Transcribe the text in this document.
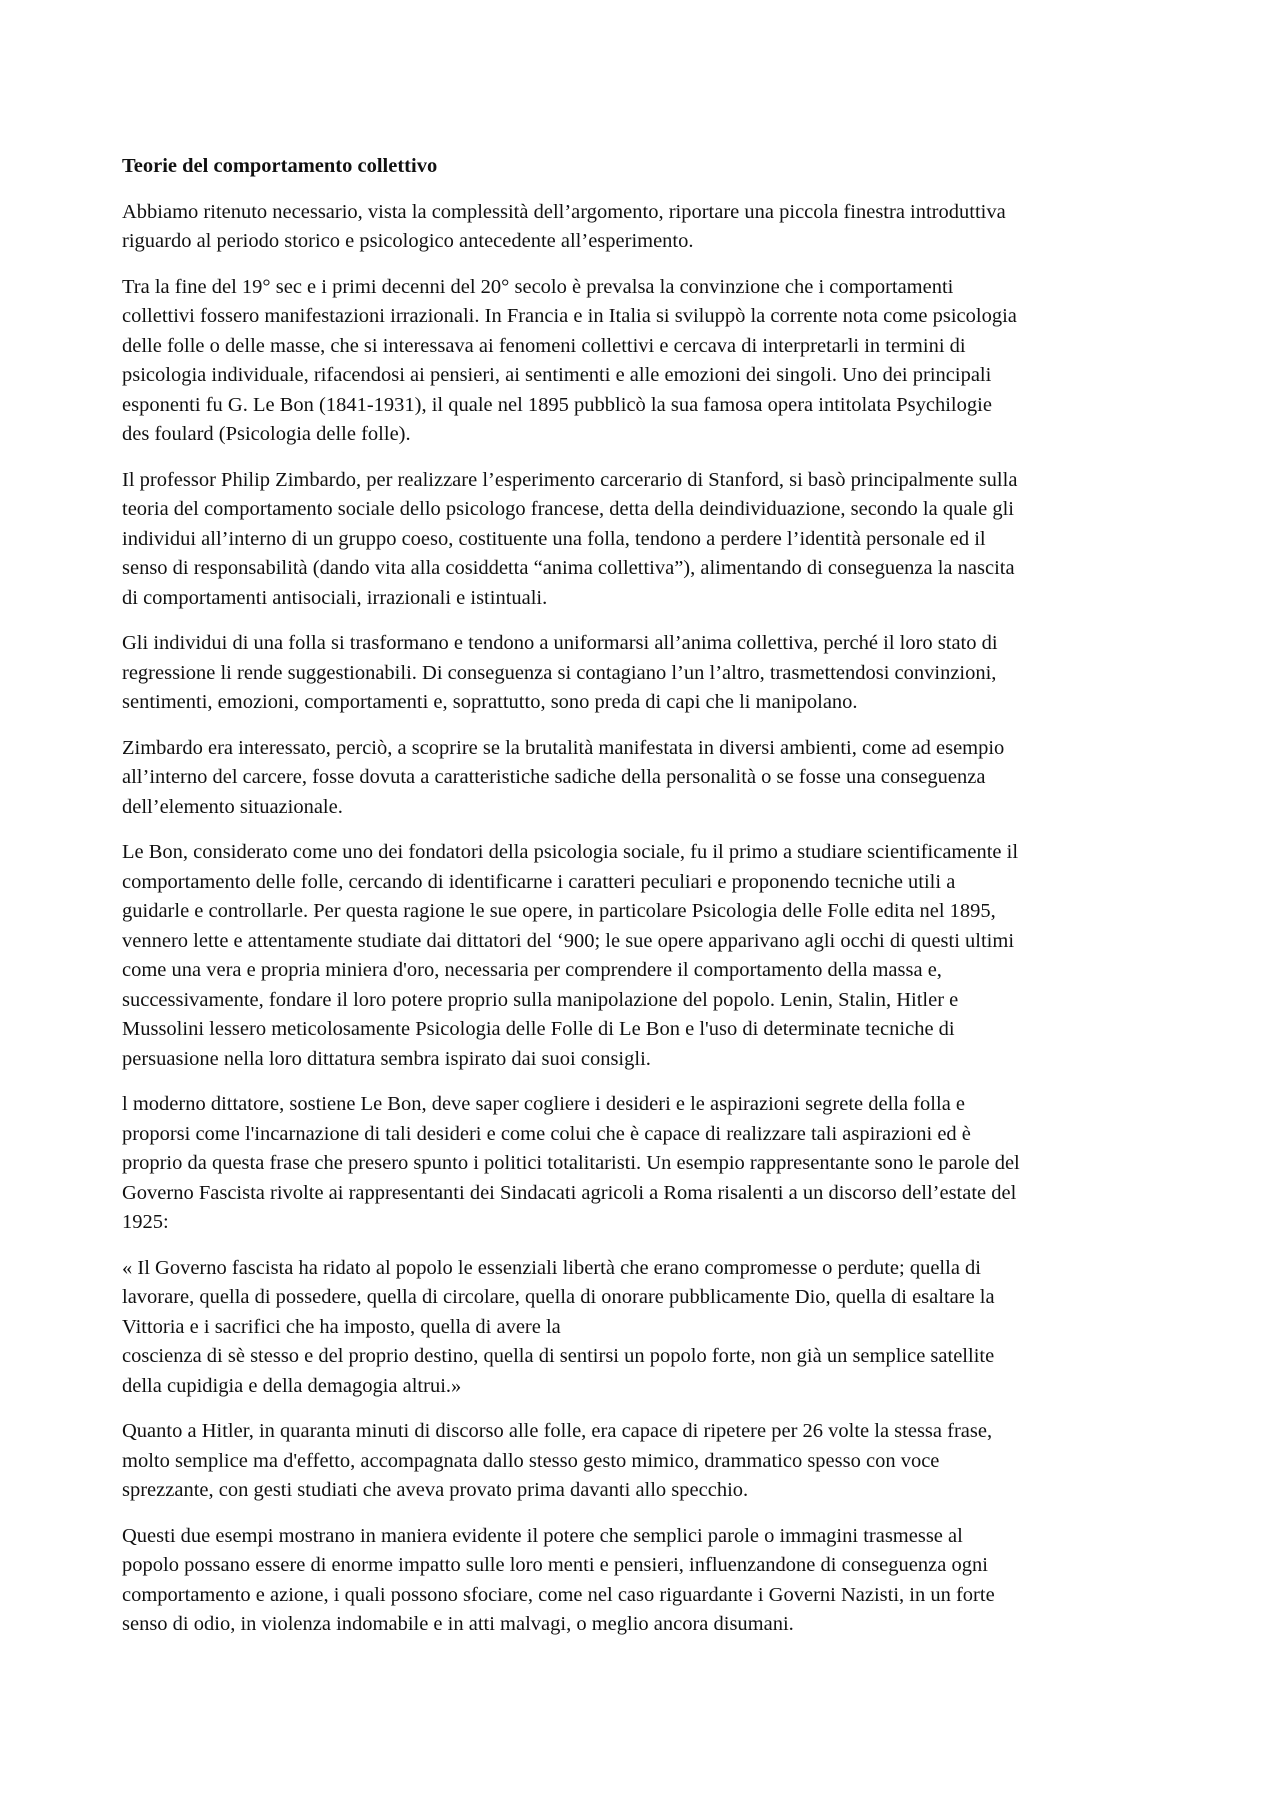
Teorie del comportamento collettivo

Abbiamo ritenuto necessario, vista la complessità dell’argomento, riportare una piccola finestra introduttiva
riguardo al periodo storico e psicologico antecedente all’esperimento.

Tra la fine del 19° sec e i primi decenni del 20° secolo è prevalsa la convinzione che i comportamenti
collettivi fossero manifestazioni irrazionali. In Francia e in Italia si sviluppò la corrente nota come psicologia
delle folle o delle masse, che si interessava ai fenomeni collettivi e cercava di interpretarli in termini di
psicologia individuale, rifacendosi ai pensieri, ai sentimenti e alle emozioni dei singoli. Uno dei principali
esponenti fu G. Le Bon (1841-1931), il quale nel 1895 pubblicò la sua famosa opera intitolata Psychilogie
des foulard (Psicologia delle folle).

Il professor Philip Zimbardo, per realizzare l’esperimento carcerario di Stanford, si basò principalmente sulla
teoria del comportamento sociale dello psicologo francese, detta della deindividuazione, secondo la quale gli
individui all’interno di un gruppo coeso, costituente una folla, tendono a perdere l’identità personale ed il
senso di responsabilità (dando vita alla cosiddetta “anima collettiva”), alimentando di conseguenza la nascita
di comportamenti antisociali, irrazionali e istintuali.

Gli individui di una folla si trasformano e tendono a uniformarsi all’anima collettiva, perché il loro stato di
regressione li rende suggestionabili. Di conseguenza si contagiano l’un l’altro, trasmettendosi convinzioni,
sentimenti, emozioni, comportamenti e, soprattutto, sono preda di capi che li manipolano.

Zimbardo era interessato, perciò, a scoprire se la brutalità manifestata in diversi ambienti, come ad esempio
all’interno del carcere, fosse dovuta a caratteristiche sadiche della personalità o se fosse una conseguenza
dell’elemento situazionale.

Le Bon, considerato come uno dei fondatori della psicologia sociale, fu il primo a studiare scientificamente il
comportamento delle folle, cercando di identificarne i caratteri peculiari e proponendo tecniche utili a
guidarle e controllarle. Per questa ragione le sue opere, in particolare Psicologia delle Folle edita nel 1895,
vennero lette e attentamente studiate dai dittatori del ‘900; le sue opere apparivano agli occhi di questi ultimi
come una vera e propria miniera d'oro, necessaria per comprendere il comportamento della massa e,
successivamente, fondare il loro potere proprio sulla manipolazione del popolo. Lenin, Stalin, Hitler e
Mussolini lessero meticolosamente Psicologia delle Folle di Le Bon e l'uso di determinate tecniche di
persuasione nella loro dittatura sembra ispirato dai suoi consigli.

l moderno dittatore, sostiene Le Bon, deve saper cogliere i desideri e le aspirazioni segrete della folla e
proporsi come l'incarnazione di tali desideri e come colui che è capace di realizzare tali aspirazioni ed è
proprio da questa frase che presero spunto i politici totalitaristi. Un esempio rappresentante sono le parole del
Governo Fascista rivolte ai rappresentanti dei Sindacati agricoli a Roma risalenti a un discorso dell’estate del
1925:

« Il Governo fascista ha ridato al popolo le essenziali libertà che erano compromesse o perdute; quella di
lavorare, quella di possedere, quella di circolare, quella di onorare pubblicamente Dio, quella di esaltare la
Vittoria e i sacrifici che ha imposto, quella di avere la
coscienza di sè stesso e del proprio destino, quella di sentirsi un popolo forte, non già un semplice satellite
della cupidigia e della demagogia altrui.»

Quanto a Hitler, in quaranta minuti di discorso alle folle, era capace di ripetere per 26 volte la stessa frase,
molto semplice ma d'effetto, accompagnata dallo stesso gesto mimico, drammatico spesso con voce
sprezzante, con gesti studiati che aveva provato prima davanti allo specchio.

Questi due esempi mostrano in maniera evidente il potere che semplici parole o immagini trasmesse al
popolo possano essere di enorme impatto sulle loro menti e pensieri, influenzandone di conseguenza ogni
comportamento e azione, i quali possono sfociare, come nel caso riguardante i Governi Nazisti, in un forte
senso di odio, in violenza indomabile e in atti malvagi, o meglio ancora disumani.
